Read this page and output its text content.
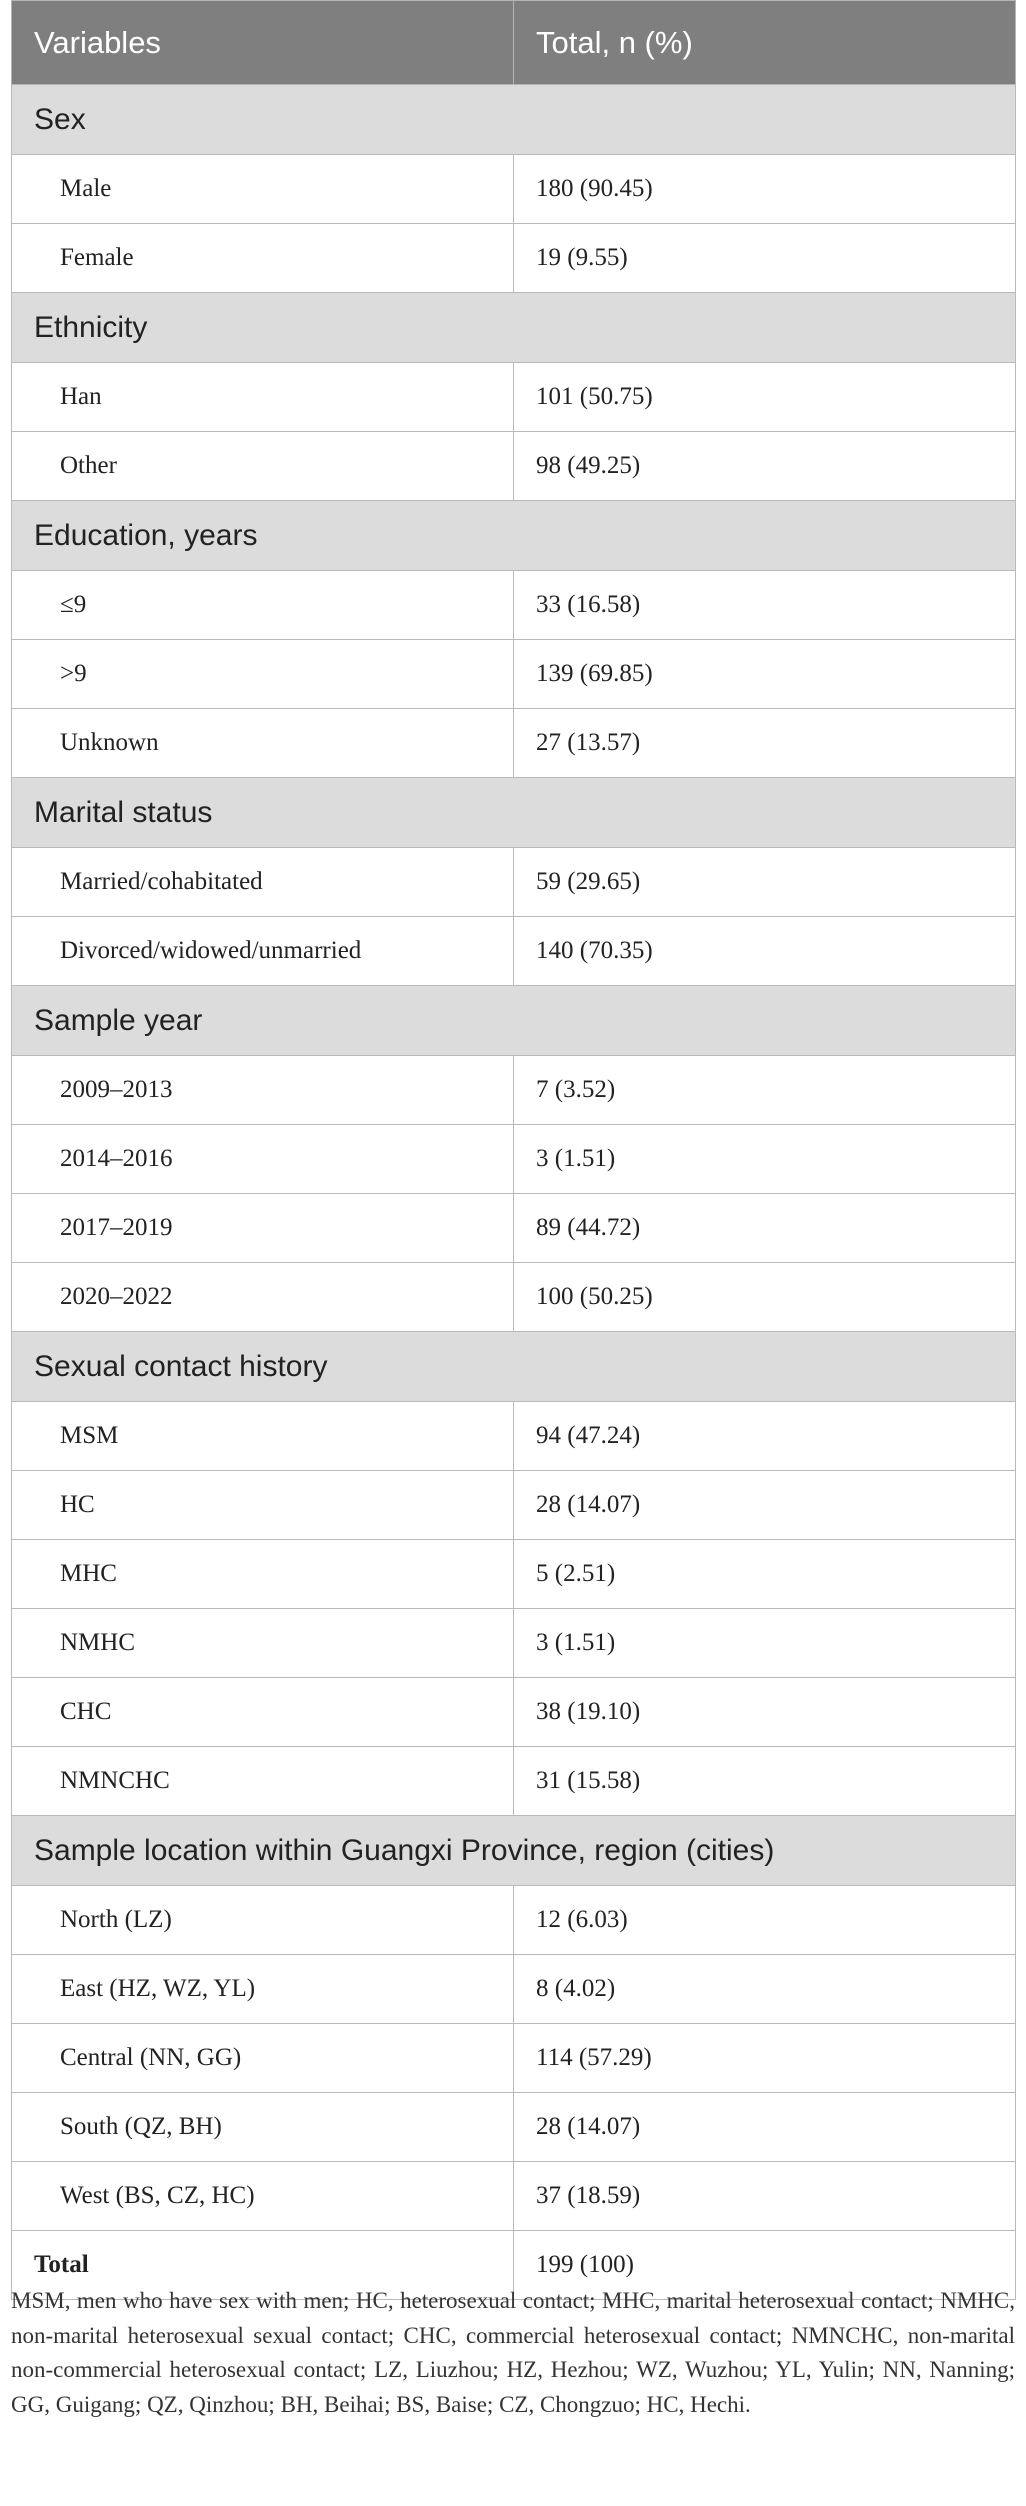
Variables	Total, n (%)
Sex	
Male	180 (90.45)
Female	19 (9.55)
Ethnicity	
Han	101 (50.75)
Other	98 (49.25)
Education, years	
≤9	33 (16.58)
>9	139 (69.85)
Unknown	27 (13.57)
Marital status	
Married/cohabitated	59 (29.65)
Divorced/widowed/unmarried	140 (70.35)
Sample year	
2009–2013	7 (3.52)
2014–2016	3 (1.51)
2017–2019	89 (44.72)
2020–2022	100 (50.25)
Sexual contact history	
MSM	94 (47.24)
HC	28 (14.07)
MHC	5 (2.51)
NMHC	3 (1.51)
CHC	38 (19.10)
NMNCHC	31 (15.58)
Sample location within Guangxi Province, region (cities)	
North (LZ)	12 (6.03)
East (HZ, WZ, YL)	8 (4.02)
Central (NN, GG)	114 (57.29)
South (QZ, BH)	28 (14.07)
West (BS, CZ, HC)	37 (18.59)
Total	199 (100)
MSM, men who have sex with men; HC, heterosexual contact; MHC, marital heterosexual contact; NMHC, non-marital heterosexual sexual contact; CHC, commercial heterosexual contact; NMNCHC, non-marital non-commercial heterosexual contact; LZ, Liuzhou; HZ, Hezhou; WZ, Wuzhou; YL, Yulin; NN, Nanning; GG, Guigang; QZ, Qinzhou; BH, Beihai; BS, Baise; CZ, Chongzuo; HC, Hechi.
